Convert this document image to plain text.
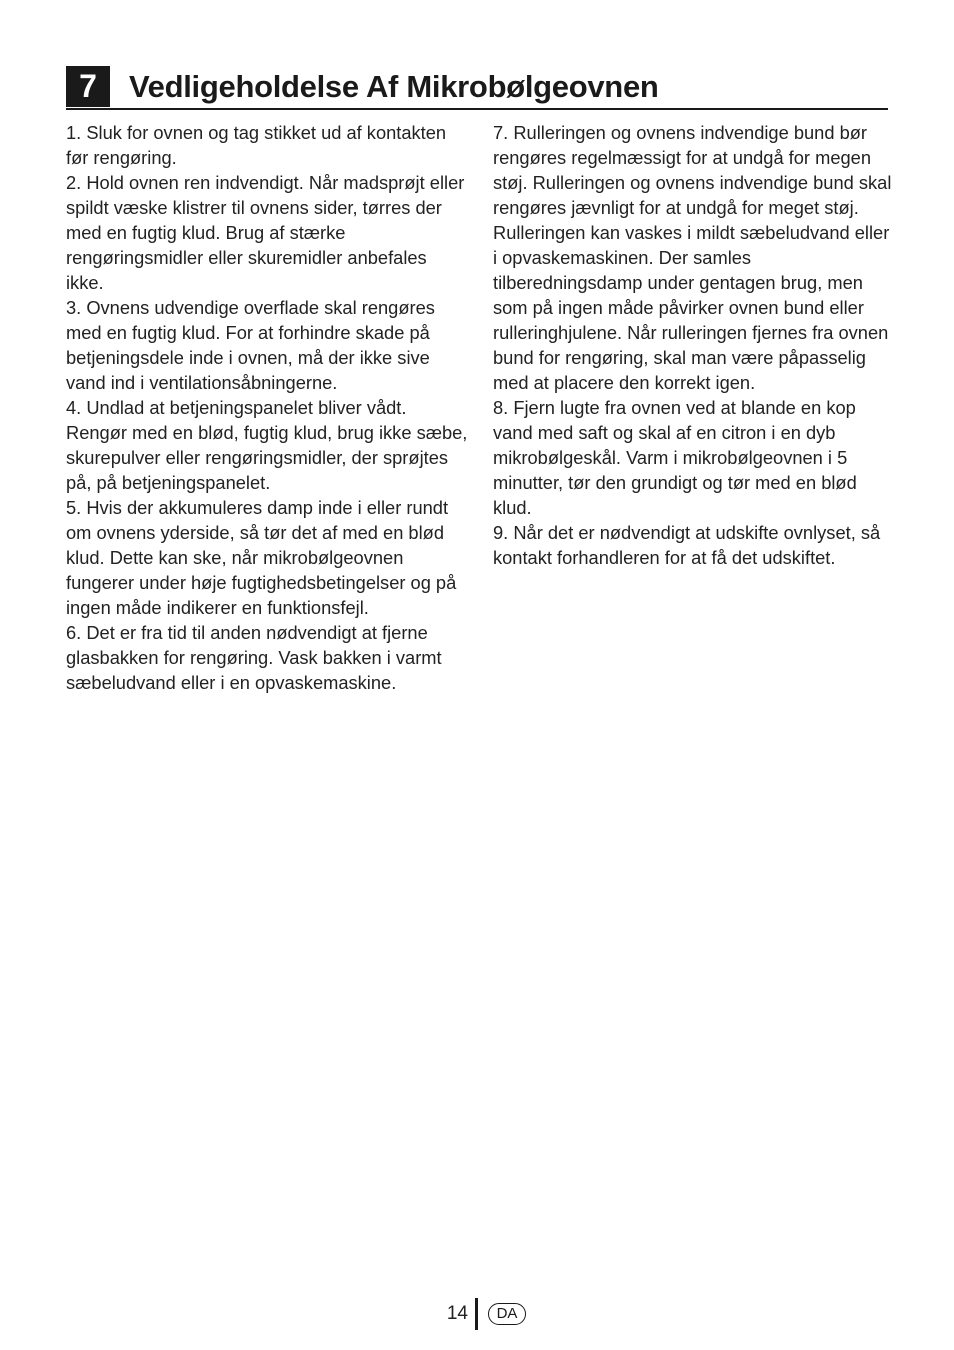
7	Vedligeholdelse Af Mikrobølgeovnen

1. Sluk for ovnen og tag stikket ud af kontakten før rengøring.

2. Hold ovnen ren indvendigt. Når madsprøjt eller spildt væske klistrer til ovnens sider, tørres der med en fugtig klud. Brug af stærke rengøringsmidler eller skuremidler anbefales ikke.

3. Ovnens udvendige overflade skal rengøres med en fugtig klud. For at forhindre skade på betjeningsdele inde i ovnen, må der ikke sive vand ind i ventilationsåbningerne.

4. Undlad at betjeningspanelet bliver vådt. Rengør med en blød, fugtig klud, brug ikke sæbe, skurepulver eller rengøringsmidler, der sprøjtes på, på betjeningspanelet.

5. Hvis der akkumuleres damp inde i eller rundt om ovnens yderside, så tør det af med en blød klud. Dette kan ske, når mikrobølgeovnen fungerer under høje fugtighedsbetingelser og på ingen måde indikerer en funktionsfejl.

6. Det er fra tid til anden nødvendigt at fjerne glasbakken for rengøring. Vask bakken i varmt sæbeludvand eller i en opvaskemaskine.

7. Rulleringen og ovnens indvendige bund bør rengøres regelmæssigt for at undgå for megen støj. Rulleringen og ovnens indvendige bund skal rengøres jævnligt for at undgå for meget støj. Rulleringen kan vaskes i mildt sæbeludvand eller i opvaskemaskinen. Der samles tilberedningsdamp under gentagen brug, men som på ingen måde påvirker ovnen bund eller rulleringhjulene. Når rulleringen fjernes fra ovnen bund for rengøring, skal man være påpasselig med at placere den korrekt igen.

8. Fjern lugte fra ovnen ved at blande en kop vand med saft og skal af en citron i en dyb mikrobølgeskål. Varm i mikrobølgeovnen i 5 minutter, tør den grundigt og tør med en blød klud.

9. Når det er nødvendigt at udskifte ovnlyset, så kontakt forhandleren for at få det udskiftet.

14	DA
